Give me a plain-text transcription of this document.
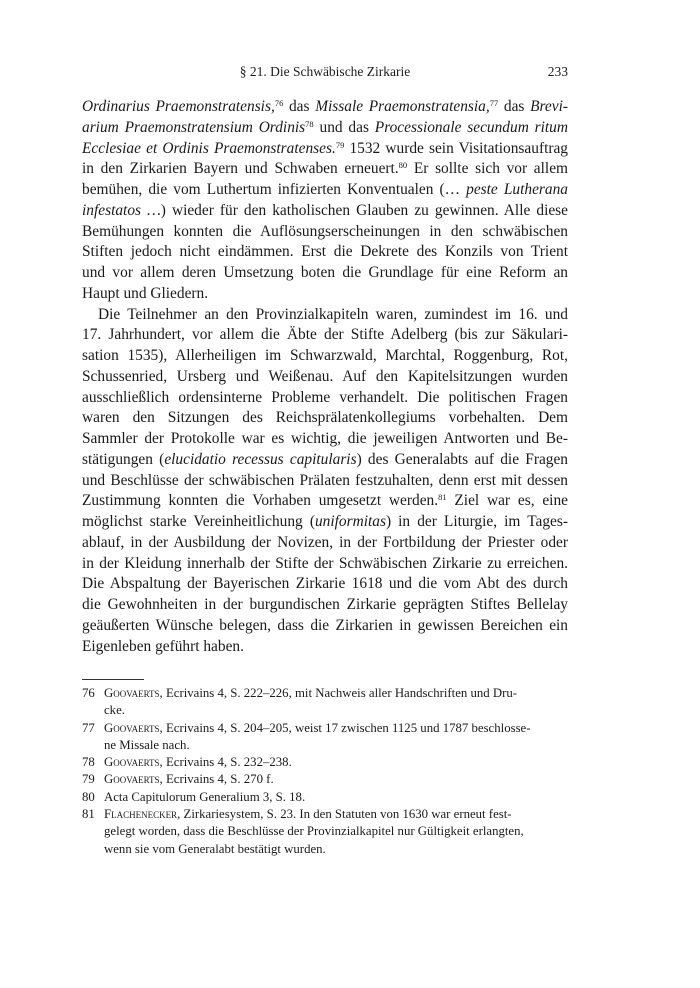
§ 21. Die Schwäbische Zirkarie	233

Ordinarius Praemonstratensis,$^{76}$ das Missale Praemonstratensia,$^{77}$ das Brevi-
arium Praemonstratensium Ordinis$^{78}$ und das Processionale secundum ritum
Ecclesiae et Ordinis Praemonstratenses.$^{79}$ 1532 wurde sein Visitationsauftrag
in den Zirkarien Bayern und Schwaben erneuert.$^{80}$ Er sollte sich vor allem
bemühen, die vom Luthertum infizierten Konventualen (… peste Lutherana
infestatos …) wieder für den katholischen Glauben zu gewinnen. Alle diese
Bemühungen konnten die Auflösungserscheinungen in den schwäbischen
Stiften jedoch nicht eindämmen. Erst die Dekrete des Konzils von Trient
und vor allem deren Umsetzung boten die Grundlage für eine Reform an
Haupt und Gliedern.

Die Teilnehmer an den Provinzialkapiteln waren, zumindest im 16. und
17. Jahrhundert, vor allem die Äbte der Stifte Adelberg (bis zur Säkulari-
sation 1535), Allerheiligen im Schwarzwald, Marchtal, Roggenburg, Rot,
Schussenried, Ursberg und Weißenau. Auf den Kapitelsitzungen wurden
ausschließlich ordensinterne Probleme verhandelt. Die politischen Fragen
waren den Sitzungen des Reichsprälatenkollegiums vorbehalten. Dem
Sammler der Protokolle war es wichtig, die jeweiligen Antworten und Be-
stätigungen (elucidatio recessus capitularis) des Generalabts auf die Fragen
und Beschlüsse der schwäbischen Prälaten festzuhalten, denn erst mit dessen
Zustimmung konnten die Vorhaben umgesetzt werden.$^{81}$ Ziel war es, eine
möglichst starke Vereinheitlichung (uniformitas) in der Liturgie, im Tages-
ablauf, in der Ausbildung der Novizen, in der Fortbildung der Priester oder
in der Kleidung innerhalb der Stifte der Schwäbischen Zirkarie zu erreichen.
Die Abspaltung der Bayerischen Zirkarie 1618 und die vom Abt des durch
die Gewohnheiten in der burgundischen Zirkarie geprägten Stiftes Bellelay
geäußerten Wünsche belegen, dass die Zirkarien in gewissen Bereichen ein
Eigenleben geführt haben.
76 Goovaerts, Ecrivains 4, S. 222–226, mit Nachweis aller Handschriften und Dru-
cke.
77 Goovaerts, Ecrivains 4, S. 204–205, weist 17 zwischen 1125 und 1787 beschlosse-
ne Missale nach.
78 Goovaerts, Ecrivains 4, S. 232–238.
79 Goovaerts, Ecrivains 4, S. 270 f.
80 Acta Capitulorum Generalium 3, S. 18.
81 Flachenecker, Zirkariesystem, S. 23. In den Statuten von 1630 war erneut fest-
gelegt worden, dass die Beschlüsse der Provinzialkapitel nur Gültigkeit erlangten,
wenn sie vom Generalabt bestätigt wurden.
